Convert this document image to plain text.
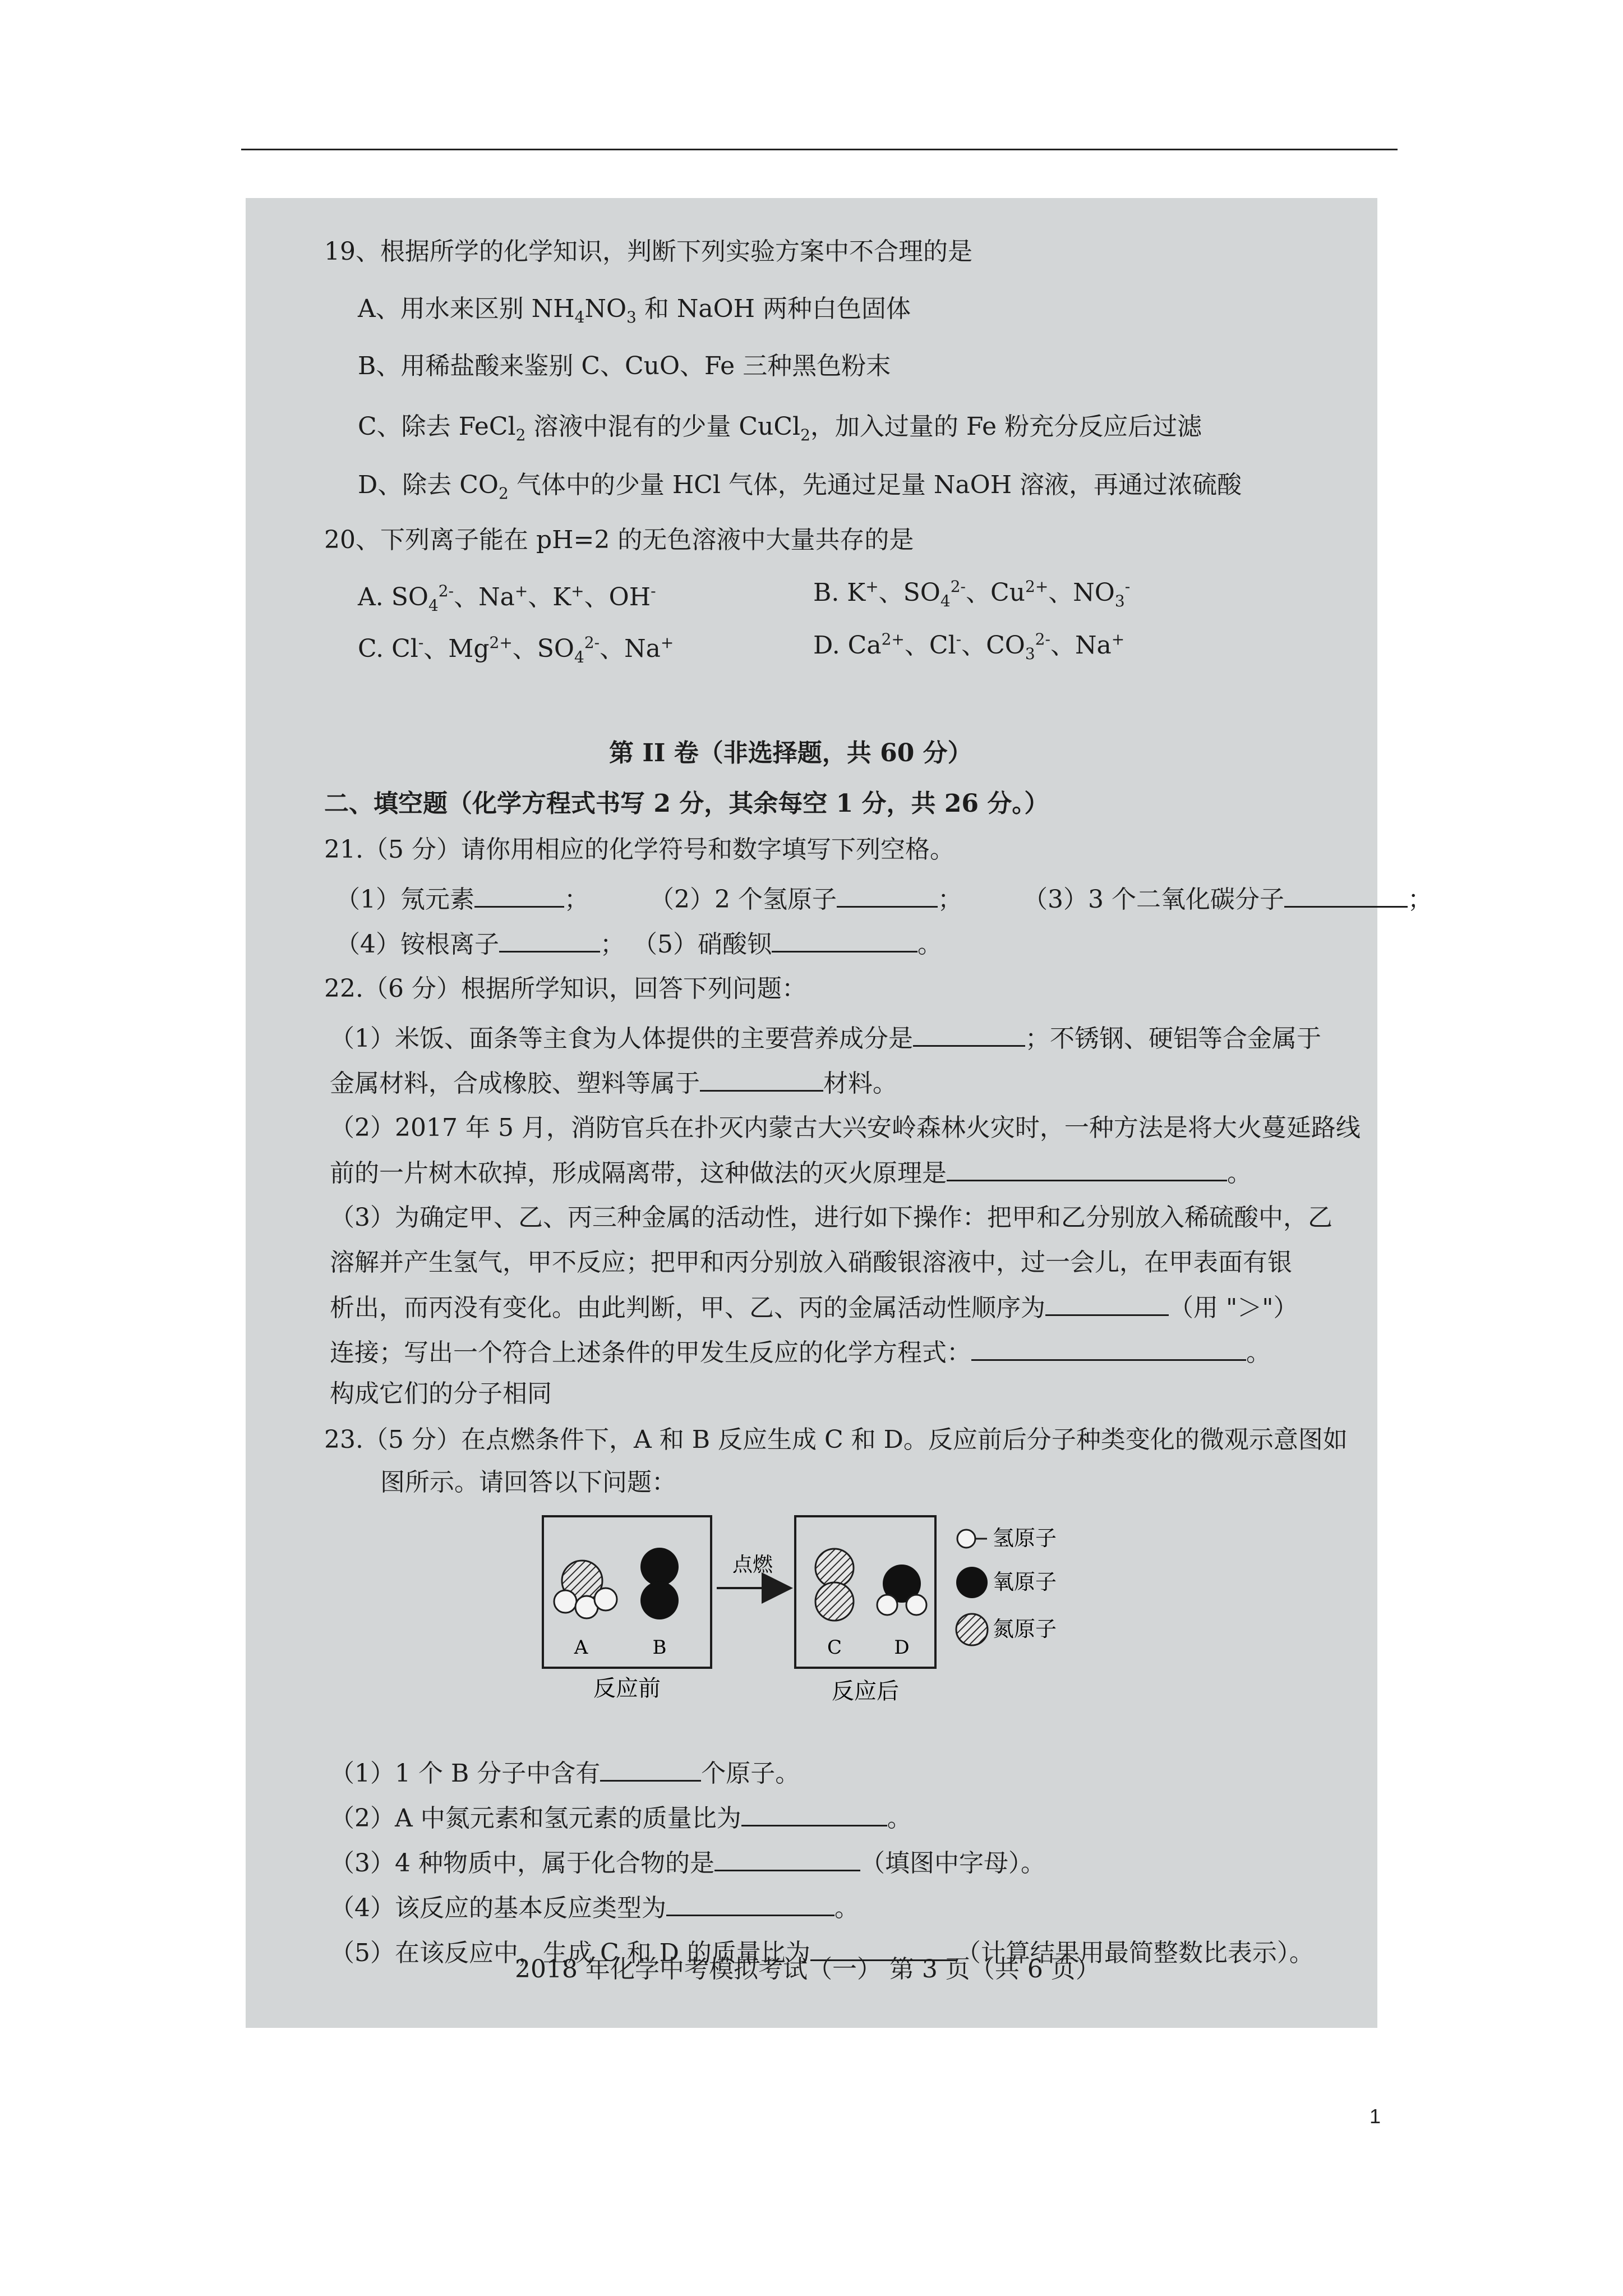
19、根据所学的化学知识，判断下列实验方案中不合理的是
A、用水来区别 $NH_4NO_3$ 和 NaOH 两种白色固体
B、用稀盐酸来鉴别 C、CuO、Fe 三种黑色粉末
C、除去 FeCl$_2$ 溶液中混有的少量 CuCl$_2$，加入过量的 Fe 粉充分反应后过滤
D、除去 $CO_2$ 气体中的少量 HCl 气体，先通过足量 NaOH 溶液，再通过浓硫酸
20、下列离子能在 pH=2 的无色溶液中大量共存的是
A. $SO_4^{2-}$、Na+、K+、OH-	B. K+、$SO_4^{2-}$、$Cu^{2+}$、$NO_3^-$
C. Cl-、$Mg^{2+}$、$SO_4^{2-}$、Na+	D. $Ca^{2+}$、Cl-、$CO_3^{2-}$、Na+
第 II 卷（非选择题，共 60 分）
二、填空题（化学方程式书写 2 分，其余每空 1 分，共 26 分。）
21.（5 分）请你用相应的化学符号和数字填写下列空格。
（1）氖元素	； （2）2 个氢原子	； （3）3 个二氧化碳分子	；
（4）铵根离子	； （5）硝酸钡	。
22.（6 分）根据所学知识，回答下列问题：
（1）米饭、面条等主食为人体提供的主要营养成分是	；不锈钢、硬铝等合金属于
金属材料，合成橡胶、塑料等属于	材料。
（2）2017 年 5 月，消防官兵在扑灭内蒙古大兴安岭森林火灾时，一种方法是将大火蔓延路线
前的一片树木砍掉，形成隔离带，这种做法的灭火原理是	。
（3）为确定甲、乙、丙三种金属的活动性，进行如下操作：把甲和乙分别放入稀硫酸中，乙
溶解并产生氢气，甲不反应；把甲和丙分别放入硝酸银溶液中，过一会儿，在甲表面有银
析出，而丙没有变化。由此判断，甲、乙、丙的金属活动性顺序为	（用 "＞"）
连接；写出一个符合上述条件的甲发生反应的化学方程式：	。
构成它们的分子相同
23.（5 分）在点燃条件下，A 和 B 反应生成 C 和 D。反应前后分子种类变化的微观示意图如
图所示。请回答以下问题：
A	B
反应前
点燃
C	D
反应后
氢原子
氧原子
氮原子
（1）1 个 B 分子中含有	个原子。
（2）A 中氮元素和氢元素的质量比为	。
（3）4 种物质中，属于化合物的是	（填图中字母）。
（4）该反应的基本反应类型为	。
（5）在该反应中，生成 C 和 D 的质量比为	（计算结果用最简整数比表示）。
2018 年化学中考模拟考试（一） 第 3 页（共 6 页）
1
